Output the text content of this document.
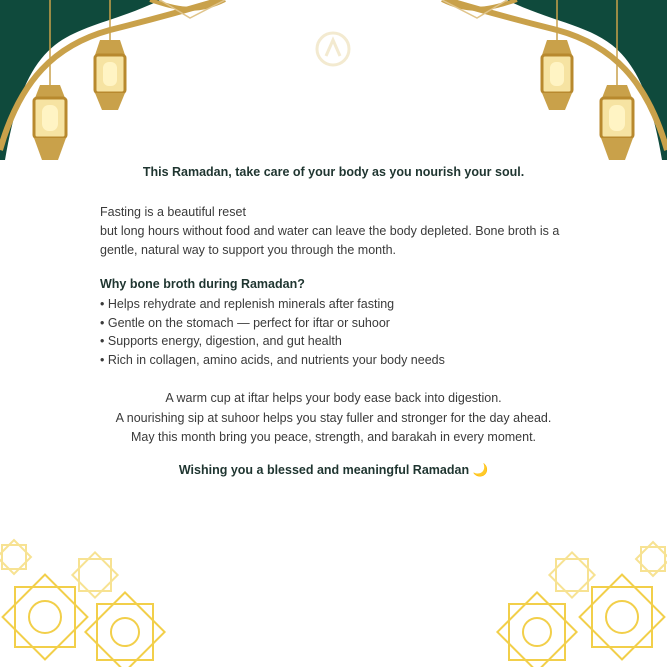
This Ramadan, take care of your body as you nourish your soul.
Fasting is a beautiful reset
but long hours without food and water can leave the body depleted. Bone broth is a gentle, natural way to support you through the month.
Why bone broth during Ramadan?
• Helps rehydrate and replenish minerals after fasting
• Gentle on the stomach — perfect for iftar or suhoor
• Supports energy, digestion, and gut health
• Rich in collagen, amino acids, and nutrients your body needs
A warm cup at iftar helps your body ease back into digestion.
A nourishing sip at suhoor helps you stay fuller and stronger for the day ahead.
May this month bring you peace, strength, and barakah in every moment.
Wishing you a blessed and meaningful Ramadan 🌙
